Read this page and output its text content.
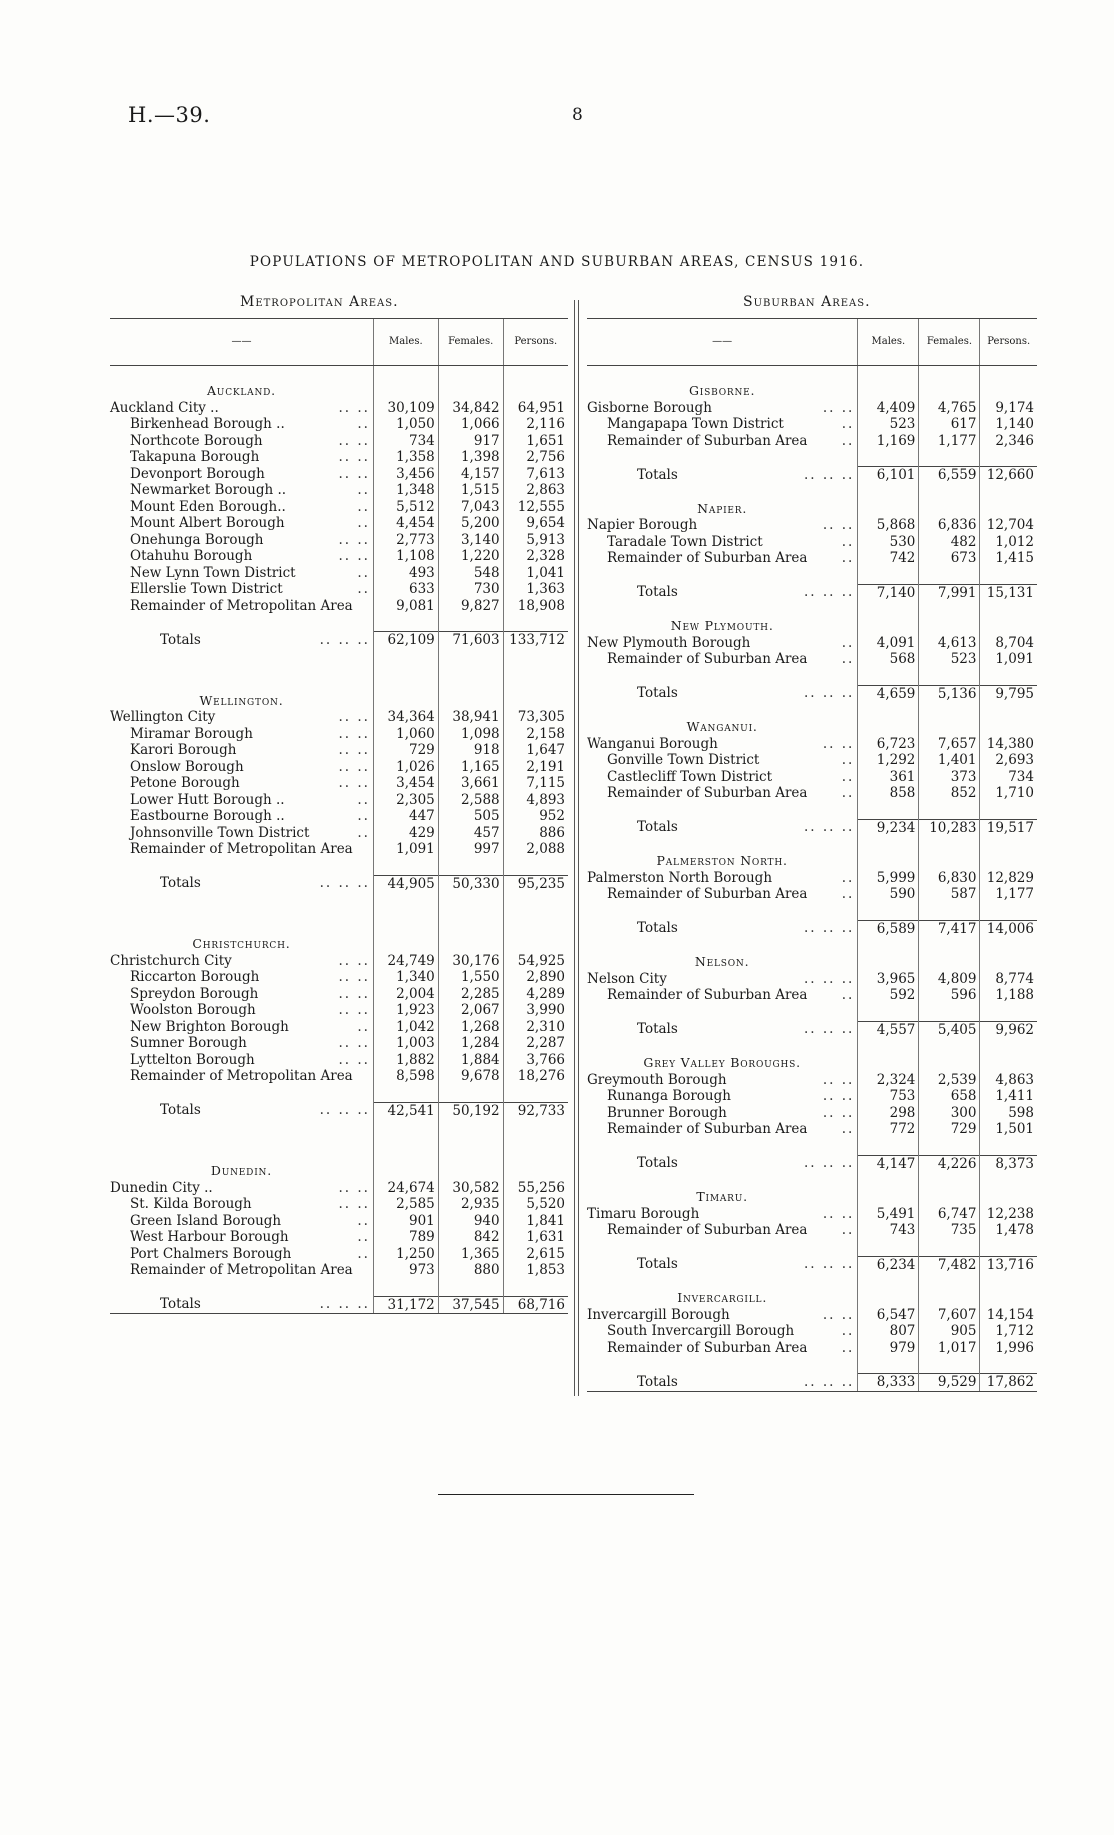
H.—39.	8
POPULATIONS OF METROPOLITAN AND SUBURBAN AREAS, CENSUS 1916.
Metropolitan Areas.	Suburban Areas.
——	Males.	Females.	Persons.

Auckland.			
Auckland City .. .. ..	30,109	34,842	64,951
Birkenhead Borough .. ..	1,050	1,066	2,116
Northcote Borough .. ..	734	917	1,651
Takapuna Borough .. ..	1,358	1,398	2,756
Devonport Borough .. ..	3,456	4,157	7,613
Newmarket Borough .. ..	1,348	1,515	2,863
Mount Eden Borough.. ..	5,512	7,043	12,555
Mount Albert Borough ..	4,454	5,200	9,654
Onehunga Borough .. ..	2,773	3,140	5,913
Otahuhu Borough .. ..	1,108	1,220	2,328
New Lynn Town District ..	493	548	1,041
Ellerslie Town District ..	633	730	1,363
Remainder of Metropolitan Area	9,081	9,827	18,908

Totals .. .. ..	62,109	71,603	133,712

Wellington.			
Wellington City .. ..	34,364	38,941	73,305
Miramar Borough .. ..	1,060	1,098	2,158
Karori Borough .. ..	729	918	1,647
Onslow Borough .. ..	1,026	1,165	2,191
Petone Borough .. ..	3,454	3,661	7,115
Lower Hutt Borough .. ..	2,305	2,588	4,893
Eastbourne Borough .. ..	447	505	952
Johnsonville Town District ..	429	457	886
Remainder of Metropolitan Area	1,091	997	2,088

Totals .. .. ..	44,905	50,330	95,235

Christchurch.			
Christchurch City .. ..	24,749	30,176	54,925
Riccarton Borough .. ..	1,340	1,550	2,890
Spreydon Borough .. ..	2,004	2,285	4,289
Woolston Borough .. ..	1,923	2,067	3,990
New Brighton Borough ..	1,042	1,268	2,310
Sumner Borough .. ..	1,003	1,284	2,287
Lyttelton Borough .. ..	1,882	1,884	3,766
Remainder of Metropolitan Area	8,598	9,678	18,276

Totals .. .. ..	42,541	50,192	92,733

Dunedin.			
Dunedin City .. .. ..	24,674	30,582	55,256
St. Kilda Borough .. ..	2,585	2,935	5,520
Green Island Borough ..	901	940	1,841
West Harbour Borough ..	789	842	1,631
Port Chalmers Borough ..	1,250	1,365	2,615
Remainder of Metropolitan Area	973	880	1,853

Totals .. .. ..	31,172	37,545	68,716
——	Males.	Females.	Persons.

Gisborne.			
Gisborne Borough .. ..	4,409	4,765	9,174
Mangapapa Town District ..	523	617	1,140
Remainder of Suburban Area ..	1,169	1,177	2,346

Totals .. .. ..	6,101	6,559	12,660

Napier.			
Napier Borough .. ..	5,868	6,836	12,704
Taradale Town District ..	530	482	1,012
Remainder of Suburban Area ..	742	673	1,415

Totals .. .. ..	7,140	7,991	15,131

New Plymouth.			
New Plymouth Borough ..	4,091	4,613	8,704
Remainder of Suburban Area ..	568	523	1,091

Totals .. .. ..	4,659	5,136	9,795

Wanganui.			
Wanganui Borough .. ..	6,723	7,657	14,380
Gonville Town District ..	1,292	1,401	2,693
Castlecliff Town District ..	361	373	734
Remainder of Suburban Area ..	858	852	1,710

Totals .. .. ..	9,234	10,283	19,517

Palmerston North.			
Palmerston North Borough ..	5,999	6,830	12,829
Remainder of Suburban Area ..	590	587	1,177

Totals .. .. ..	6,589	7,417	14,006

Nelson.			
Nelson City .. .. ..	3,965	4,809	8,774
Remainder of Suburban Area ..	592	596	1,188

Totals .. .. ..	4,557	5,405	9,962

Grey Valley Boroughs.			
Greymouth Borough .. ..	2,324	2,539	4,863
Runanga Borough .. ..	753	658	1,411
Brunner Borough .. ..	298	300	598
Remainder of Suburban Area ..	772	729	1,501

Totals .. .. ..	4,147	4,226	8,373

Timaru.			
Timaru Borough .. ..	5,491	6,747	12,238
Remainder of Suburban Area ..	743	735	1,478

Totals .. .. ..	6,234	7,482	13,716

Invercargill.			
Invercargill Borough .. ..	6,547	7,607	14,154
South Invercargill Borough ..	807	905	1,712
Remainder of Suburban Area ..	979	1,017	1,996

Totals .. .. ..	8,333	9,529	17,862
